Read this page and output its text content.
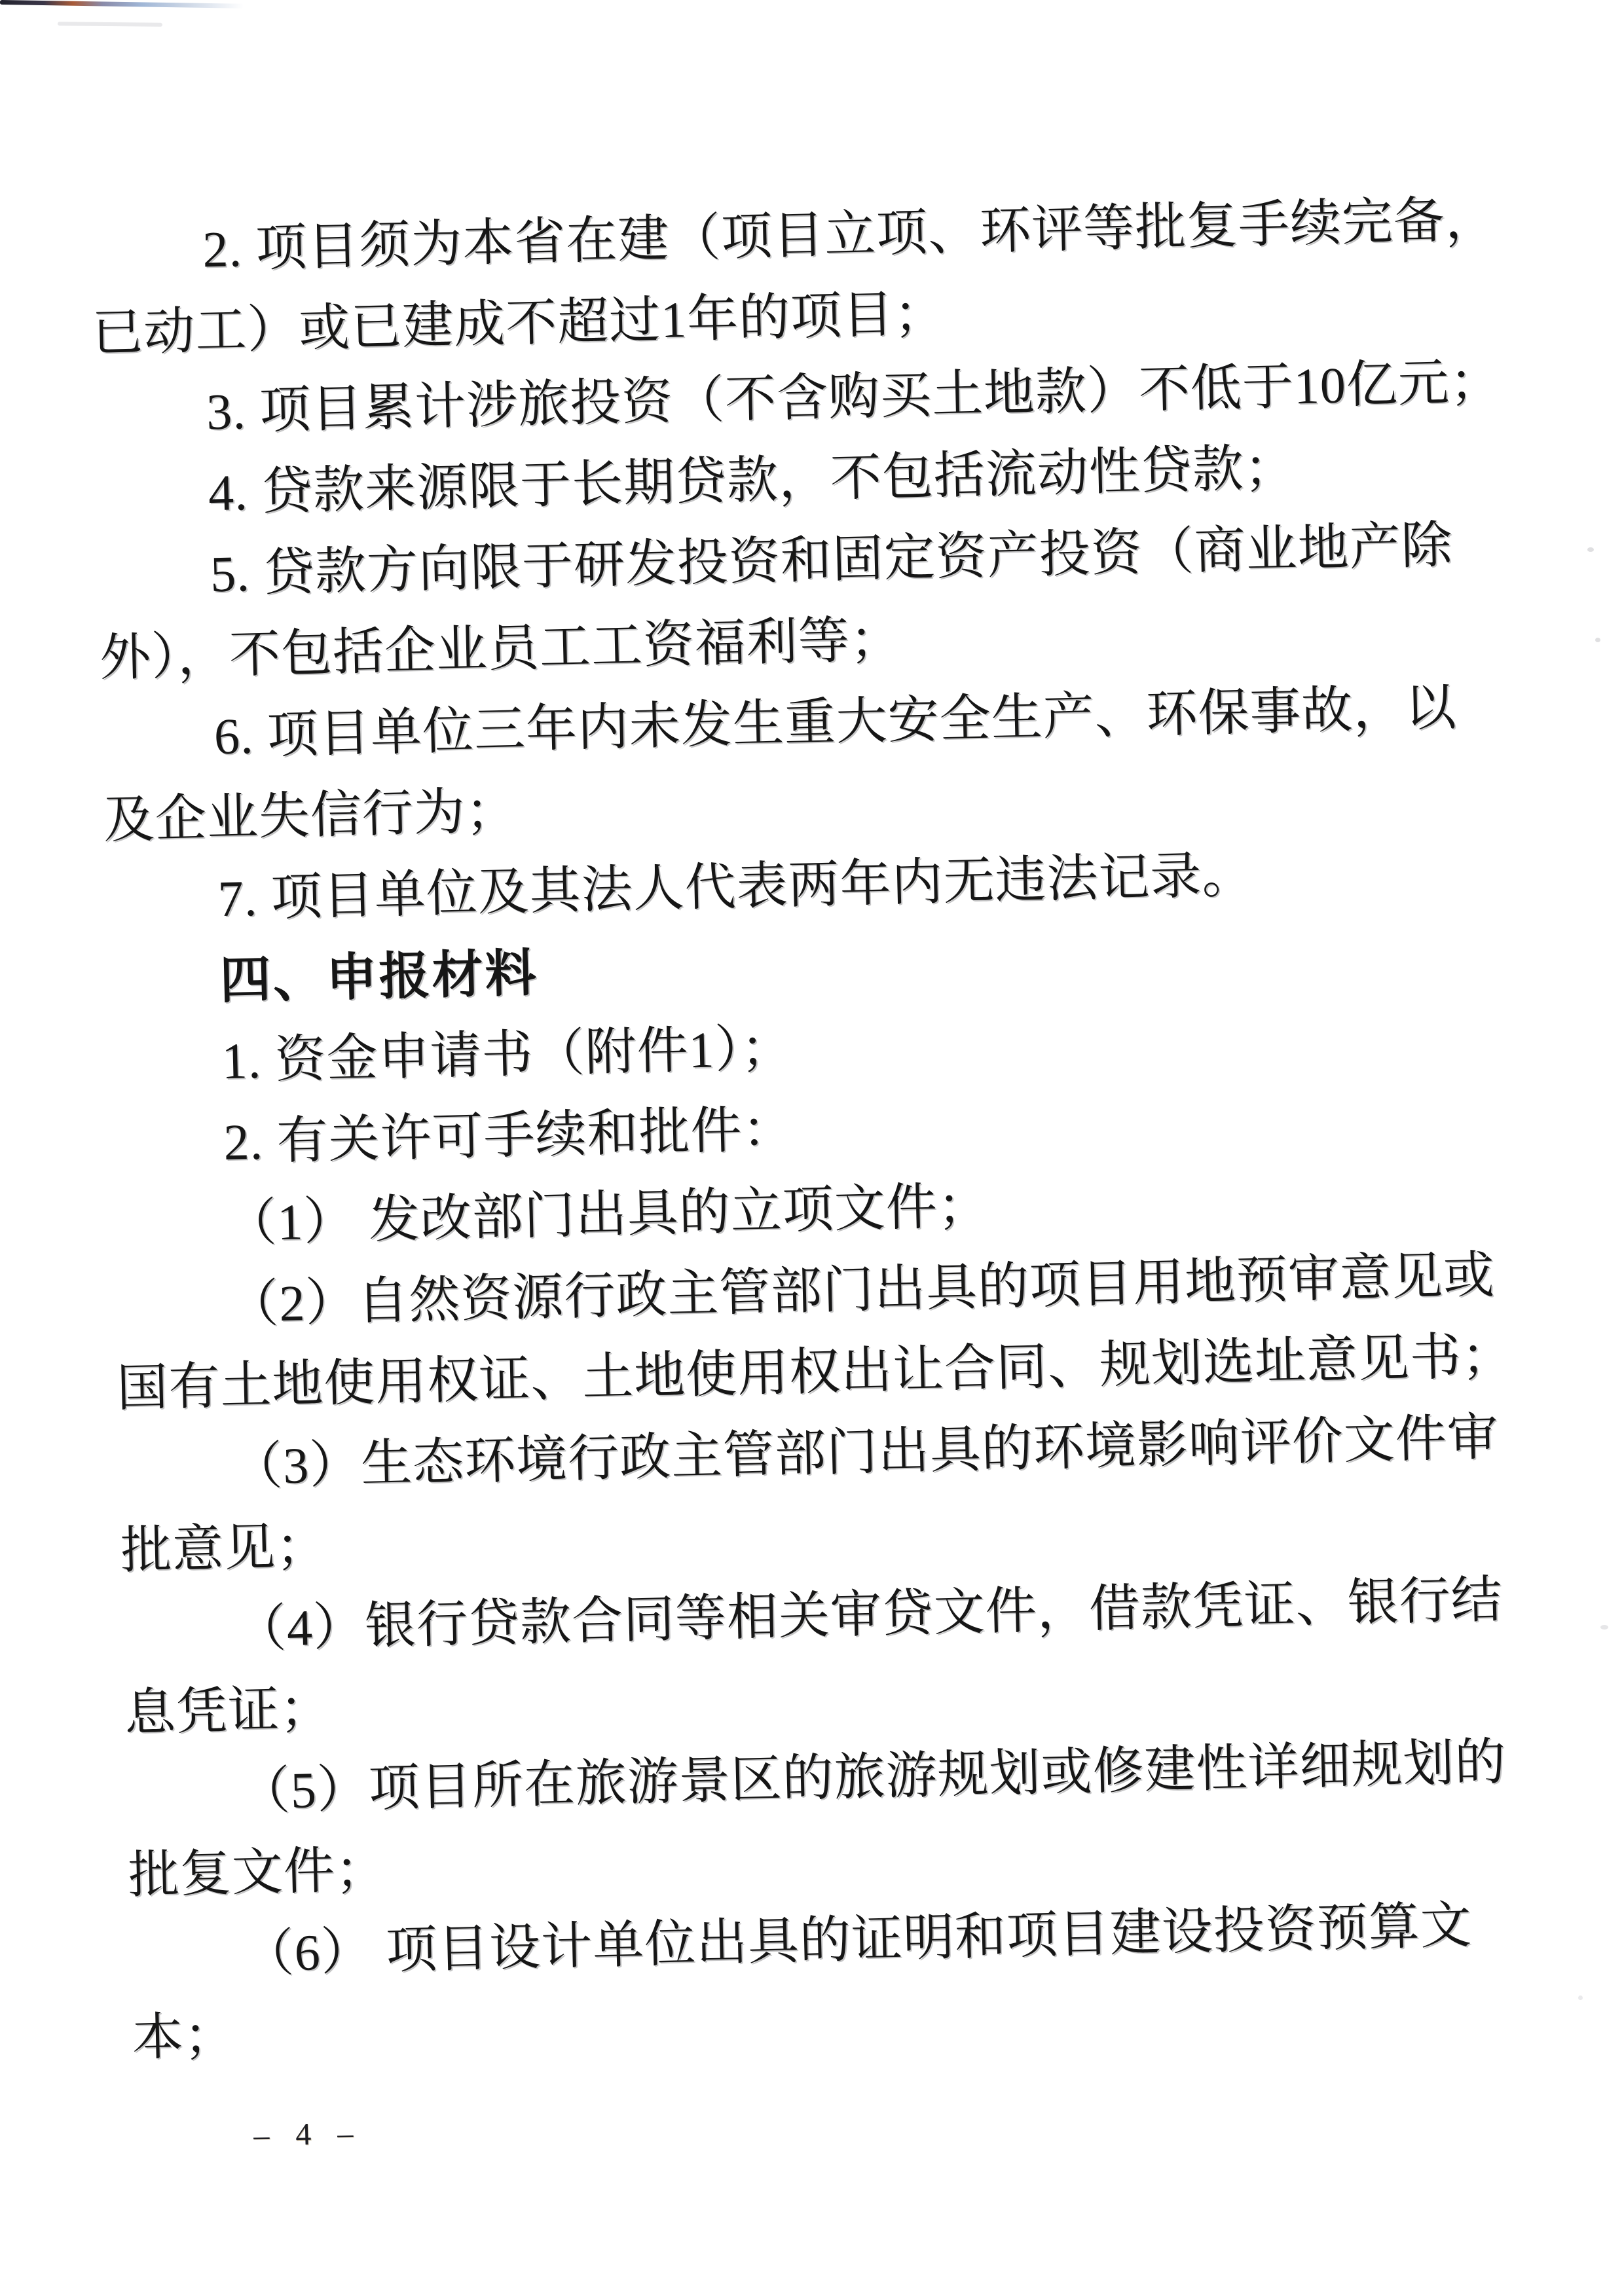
2. 项目须为本省在建（项目立项、环评等批复手续完备，
已动工）或已建成不超过1年的项目；
3. 项目累计涉旅投资（不含购买土地款）不低于10亿元；
4. 贷款来源限于长期贷款，不包括流动性贷款；
5. 贷款方向限于研发投资和固定资产投资（商业地产除
外），不包括企业员工工资福利等；
6. 项目单位三年内未发生重大安全生产、环保事故，以
及企业失信行为；
7. 项目单位及其法人代表两年内无违法记录。
四、申报材料
1. 资金申请书（附件1）；
2. 有关许可手续和批件：
（1） 发改部门出具的立项文件；
（2）自然资源行政主管部门出具的项目用地预审意见或
国有土地使用权证、土地使用权出让合同、规划选址意见书；
（3）生态环境行政主管部门出具的环境影响评价文件审
批意见；
（4）银行贷款合同等相关审贷文件，借款凭证、银行结
息凭证；
（5）项目所在旅游景区的旅游规划或修建性详细规划的
批复文件；
（6） 项目设计单位出具的证明和项目建设投资预算文
本；
– 4 –
